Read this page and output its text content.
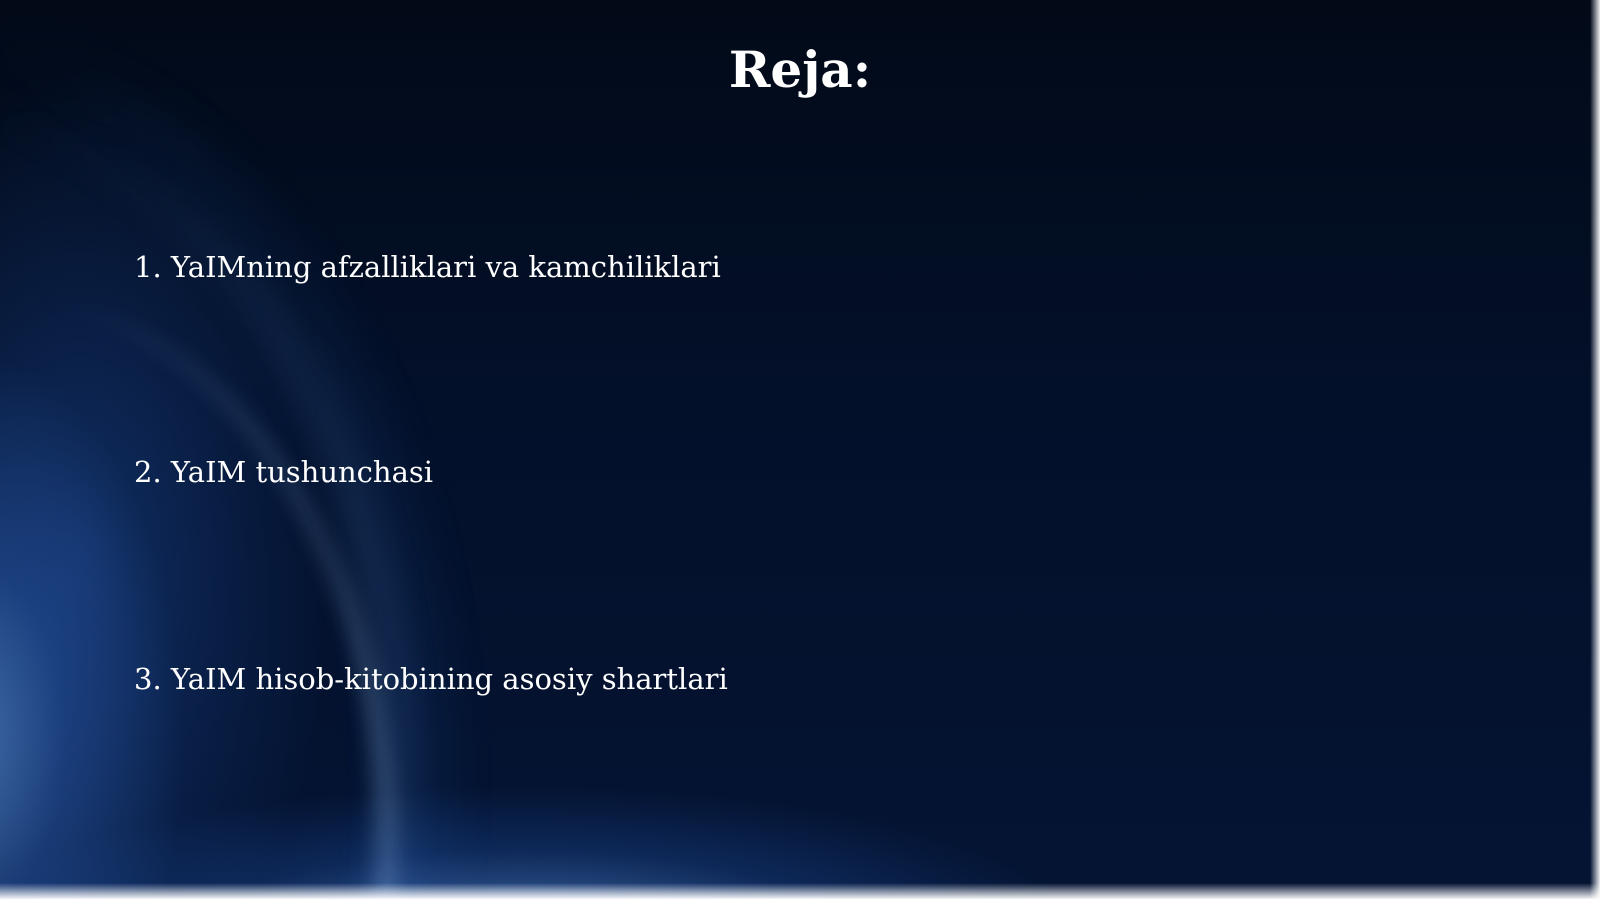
Reja:
1. YaIMning afzalliklari va kamchiliklari
2. YaIM tushunchasi
3. YaIM hisob-kitobining asosiy shartlari
